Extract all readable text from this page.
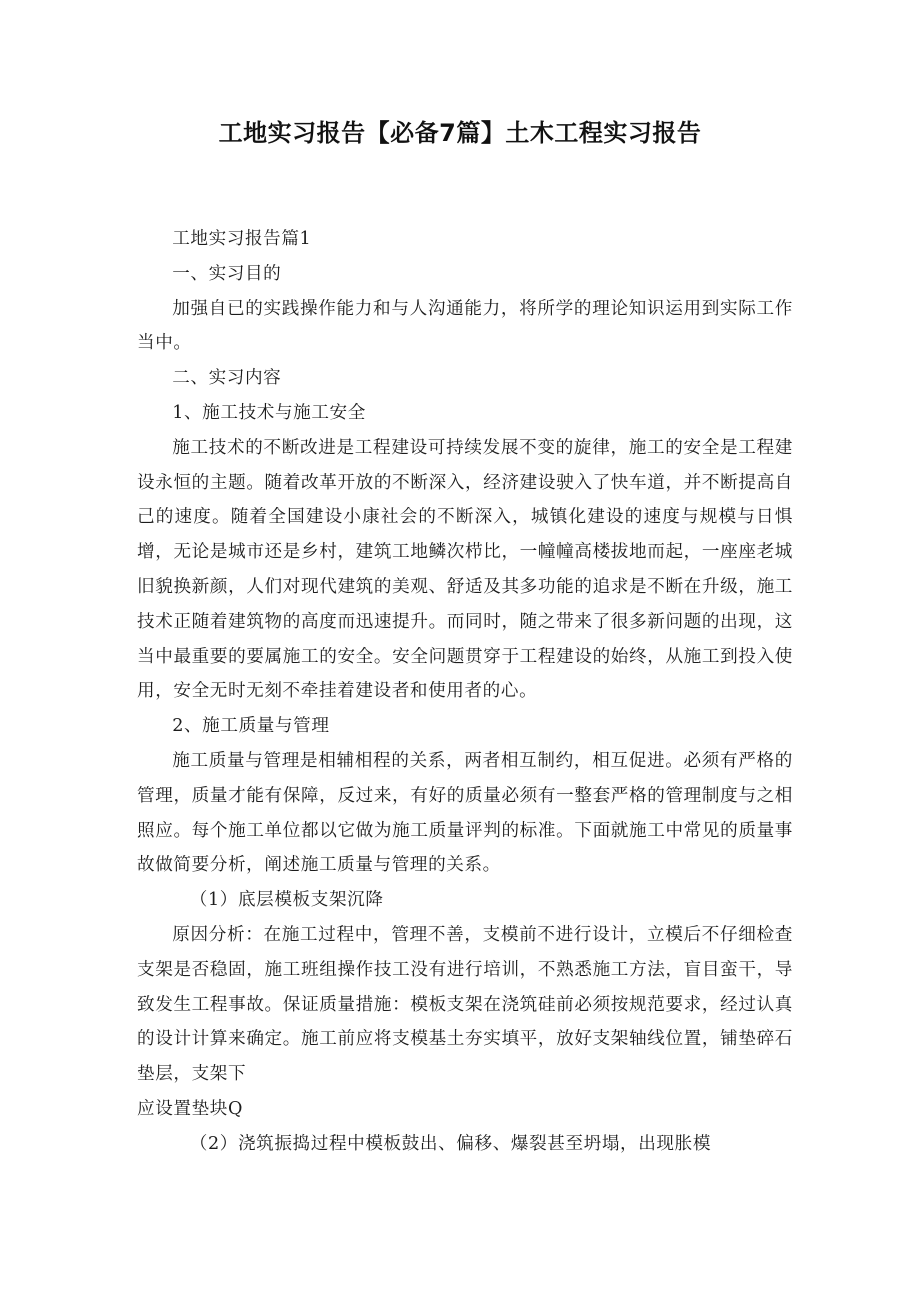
工地实习报告【必备7篇】土木工程实习报告

工地实习报告篇1

一、实习目的

加强自已的实践操作能力和与人沟通能力，将所学的理论知识运用到实际工作当中。

二、实习内容

1、施工技术与施工安全

施工技术的不断改进是工程建设可持续发展不变的旋律，施工的安全是工程建设永恒的主题。随着改革开放的不断深入，经济建设驶入了快车道，并不断提高自己的速度。随着全国建设小康社会的不断深入，城镇化建设的速度与规模与日惧增，无论是城市还是乡村，建筑工地鳞次栉比，一幢幢高楼拔地而起，一座座老城旧貌换新颜，人们对现代建筑的美观、舒适及其多功能的追求是不断在升级，施工技术正随着建筑物的高度而迅速提升。而同时，随之带来了很多新问题的出现，这当中最重要的要属施工的安全。安全问题贯穿于工程建设的始终，从施工到投入使用，安全无时无刻不牵挂着建设者和使用者的心。

2、施工质量与管理

施工质量与管理是相辅相程的关系，两者相互制约，相互促进。必须有严格的管理，质量才能有保障，反过来，有好的质量必须有一整套严格的管理制度与之相照应。每个施工单位都以它做为施工质量评判的标准。下面就施工中常见的质量事故做简要分析，阐述施工质量与管理的关系。

（1）底层模板支架沉降

原因分析：在施工过程中，管理不善，支模前不进行设计，立模后不仔细检查支架是否稳固，施工班组操作技工没有进行培训，不熟悉施工方法，盲目蛮干，导致发生工程事故。保证质量措施：模板支架在浇筑硅前必须按规范要求，经过认真的设计计算来确定。施工前应将支模基土夯实填平，放好支架轴线位置，铺垫碎石垫层，支架下

应设置垫块Q

（2）浇筑振捣过程中模板鼓出、偏移、爆裂甚至坍塌，出现胀模
